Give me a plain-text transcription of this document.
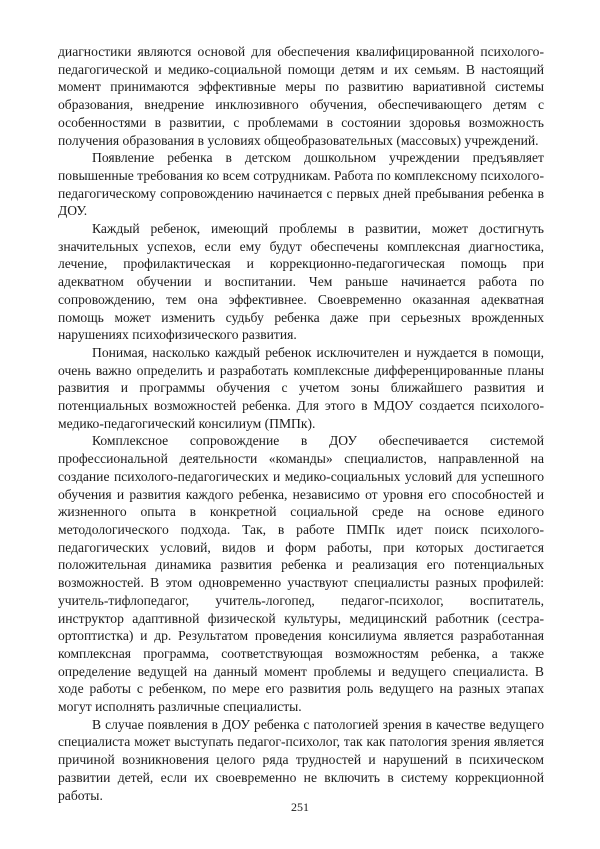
диагностики являются основой для обеспечения квалифицированной психолого-педагогической и медико-социальной помощи детям и их семьям. В настоящий момент принимаются эффективные меры по развитию вариативной системы образования, внедрение инклюзивного обучения, обеспечивающего детям с особенностями в развитии, с проблемами в состоянии здоровья возможность получения образования в условиях общеобразовательных (массовых) учреждений.

Появление ребенка в детском дошкольном учреждении предъявляет повышенные требования ко всем сотрудникам. Работа по комплексному психолого-педагогическому сопровождению начинается с первых дней пребывания ребенка в ДОУ.

Каждый ребенок, имеющий проблемы в развитии, может достигнуть значительных успехов, если ему будут обеспечены комплексная диагностика, лечение, профилактическая и коррекционно-педагогическая помощь при адекватном обучении и воспитании. Чем раньше начинается работа по сопровождению, тем она эффективнее. Своевременно оказанная адекватная помощь может изменить судьбу ребенка даже при серьезных врожденных нарушениях психофизического развития.

Понимая, насколько каждый ребенок исключителен и нуждается в помощи, очень важно определить и разработать комплексные дифференцированные планы развития и программы обучения с учетом зоны ближайшего развития и потенциальных возможностей ребенка. Для этого в МДОУ создается психолого-медико-педагогический консилиум (ПМПк).

Комплексное сопровождение в ДОУ обеспечивается системой профессиональной деятельности «команды» специалистов, направленной на создание психолого-педагогических и медико-социальных условий для успешного обучения и развития каждого ребенка, независимо от уровня его способностей и жизненного опыта в конкретной социальной среде на основе единого методологического подхода. Так, в работе ПМПк идет поиск психолого-педагогических условий, видов и форм работы, при которых достигается положительная динамика развития ребенка и реализация его потенциальных возможностей. В этом одновременно участвуют специалисты разных профилей: учитель-тифлопедагог, учитель-логопед, педагог-психолог, воспитатель, инструктор адаптивной физической культуры, медицинский работник (сестра-ортоптистка) и др. Результатом проведения консилиума является разработанная комплексная программа, соответствующая возможностям ребенка, а также определение ведущей на данный момент проблемы и ведущего специалиста. В ходе работы с ребенком, по мере его развития роль ведущего на разных этапах могут исполнять различные специалисты.

В случае появления в ДОУ ребенка с патологией зрения в качестве ведущего специалиста может выступать педагог-психолог, так как патология зрения является причиной возникновения целого ряда трудностей и нарушений в психическом развитии детей, если их своевременно не включить в систему коррекционной работы.

251
